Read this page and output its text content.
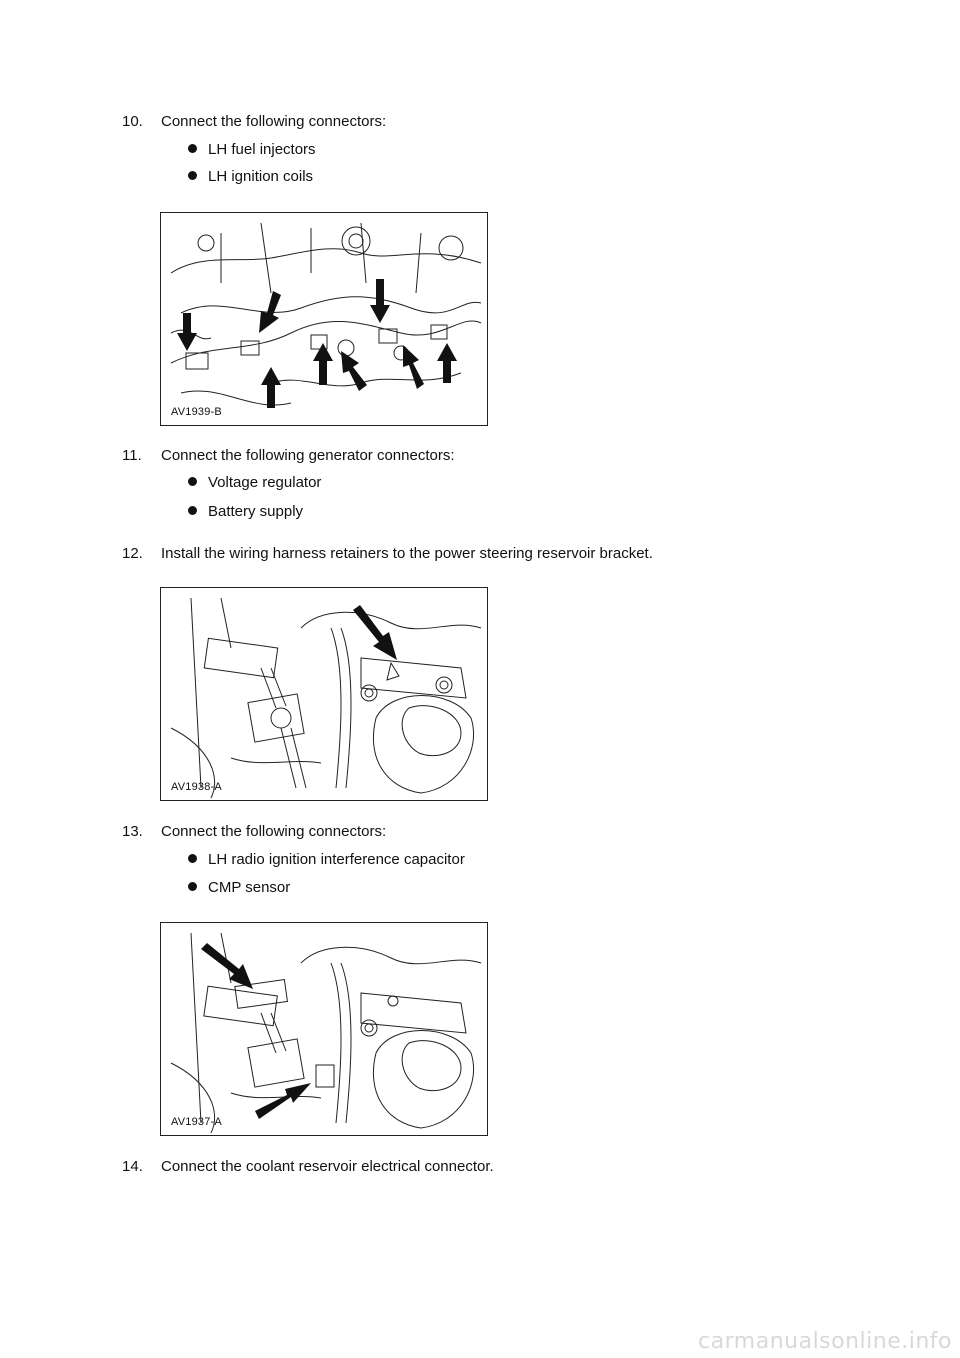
10. Connect the following connectors:
LH fuel injectors
LH ignition coils
AV1939-B
11. Connect the following generator connectors:
Voltage regulator
Battery supply
12. Install the wiring harness retainers to the power steering reservoir bracket.
AV1938-A
13. Connect the following connectors:
LH radio ignition interference capacitor
CMP sensor
AV1937-A
14. Connect the coolant reservoir electrical connector.
carmanualsonline.info
